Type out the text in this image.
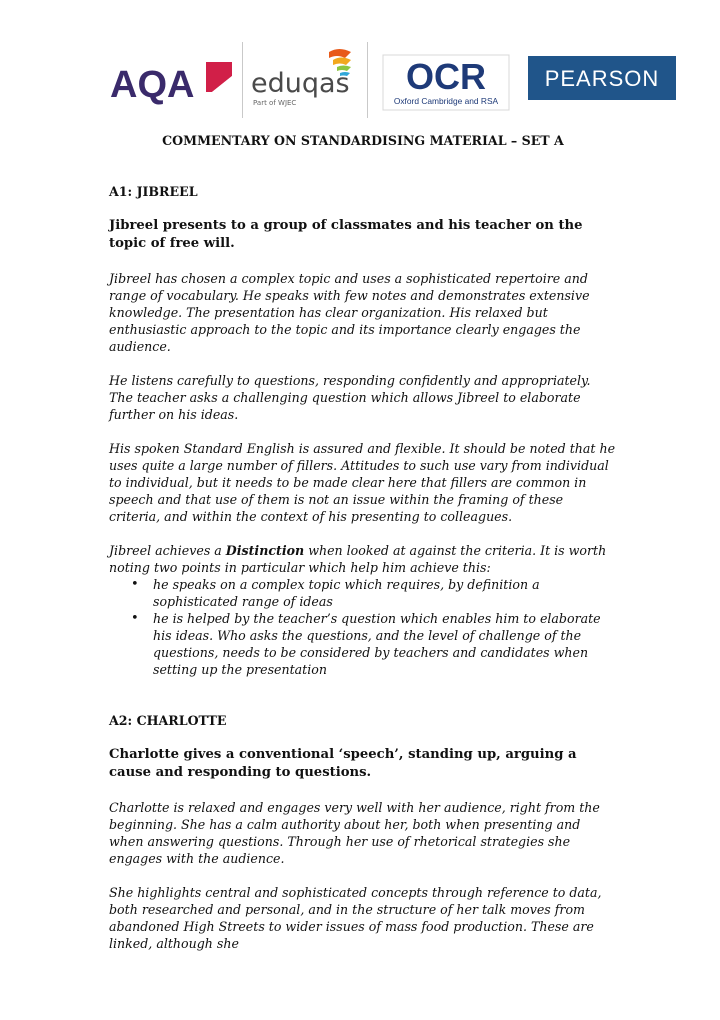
AQA eduqas
Part of WJEC
OCR
Oxford Cambridge and RSA
PEARSON

COMMENTARY ON STANDARDISING MATERIAL – SET A

A1: JIBREEL

Jibreel presents to a group of classmates and his teacher on the topic of free will.

Jibreel has chosen a complex topic and uses a sophisticated repertoire and range of vocabulary. He speaks with few notes and demonstrates extensive knowledge. The presentation has clear organization. His relaxed but enthusiastic approach to the topic and its importance clearly engages the audience.

He listens carefully to questions, responding confidently and appropriately. The teacher asks a challenging question which allows Jibreel to elaborate further on his ideas.

His spoken Standard English is assured and flexible. It should be noted that he uses quite a large number of fillers. Attitudes to such use vary from individual to individual, but it needs to be made clear here that fillers are common in speech and that use of them is not an issue within the framing of these criteria, and within the context of his presenting to colleagues.

Jibreel achieves a Distinction when looked at against the criteria. It is worth noting two points in particular which help him achieve this:

• he speaks on a complex topic which requires, by definition a sophisticated range of ideas
• he is helped by the teacher’s question which enables him to elaborate his ideas. Who asks the questions, and the level of challenge of the questions, needs to be considered by teachers and candidates when setting up the presentation

A2: CHARLOTTE

Charlotte gives a conventional ‘speech’, standing up, arguing a cause and responding to questions.

Charlotte is relaxed and engages very well with her audience, right from the beginning. She has a calm authority about her, both when presenting and when answering questions. Through her use of rhetorical strategies she engages with the audience.

She highlights central and sophisticated concepts through reference to data, both researched and personal, and in the structure of her talk moves from abandoned High Streets to wider issues of mass food production. These are linked, although she
